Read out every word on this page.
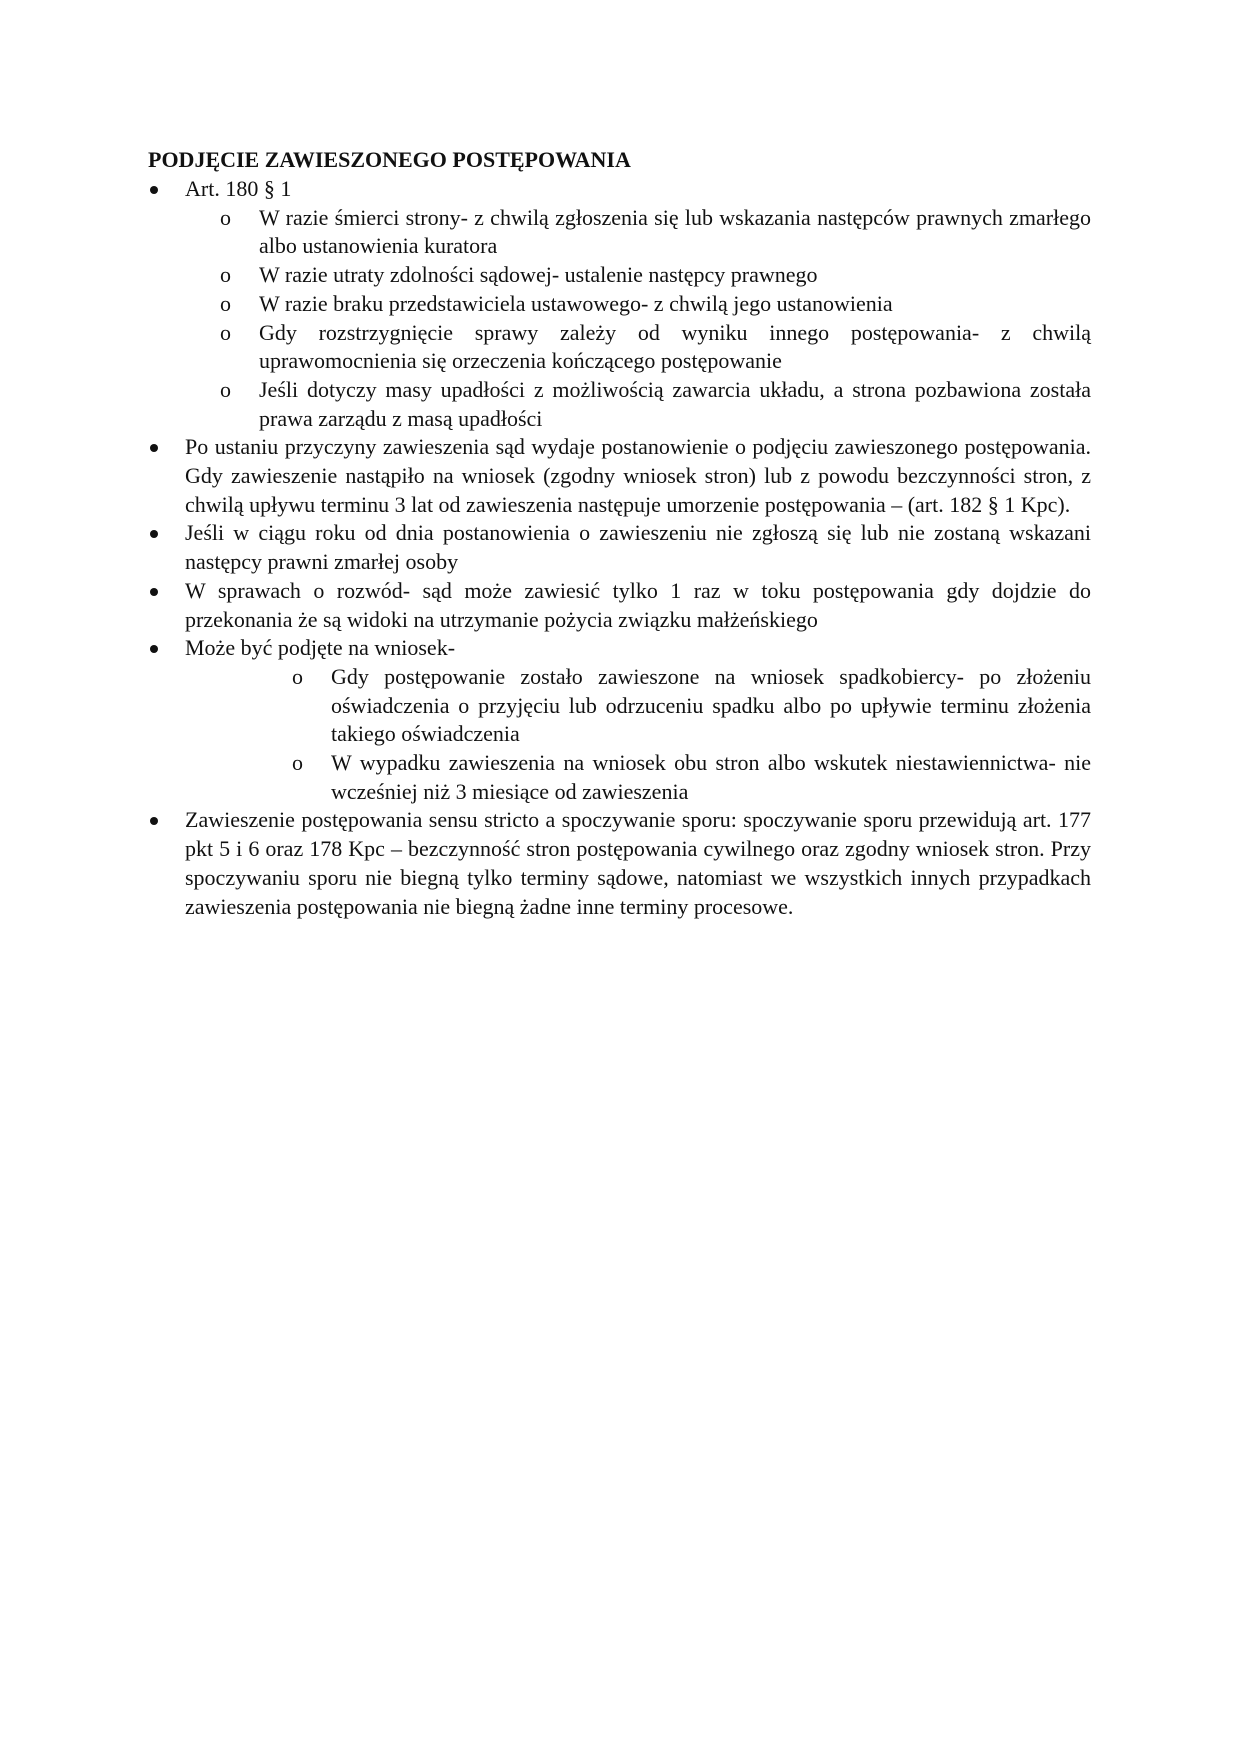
PODJĘCIE ZAWIESZONEGO POSTĘPOWANIA
Art. 180 § 1
o W razie śmierci strony- z chwilą zgłoszenia się lub wskazania następców prawnych zmarłego albo ustanowienia kuratora
o W razie utraty zdolności sądowej- ustalenie następcy prawnego
o W razie braku przedstawiciela ustawowego- z chwilą jego ustanowienia
o Gdy rozstrzygnięcie sprawy zależy od wyniku innego postępowania- z chwilą uprawomocnienia się orzeczenia kończącego postępowanie
o Jeśli dotyczy masy upadłości z możliwością zawarcia układu, a strona pozbawiona została prawa zarządu z masą upadłości
Po ustaniu przyczyny zawieszenia sąd wydaje postanowienie o podjęciu zawieszonego postępowania. Gdy zawieszenie nastąpiło na wniosek (zgodny wniosek stron) lub z powodu bezczynności stron, z chwilą upływu terminu 3 lat od zawieszenia następuje umorzenie postępowania – (art. 182 § 1 Kpc).
Jeśli w ciągu roku od dnia postanowienia o zawieszeniu nie zgłoszą się lub nie zostaną wskazani następcy prawni zmarłej osoby
W sprawach o rozwód- sąd może zawiesić tylko 1 raz w toku postępowania gdy dojdzie do przekonania że są widoki na utrzymanie pożycia związku małżeńskiego
Może być podjęte na wniosek-
o Gdy postępowanie zostało zawieszone na wniosek spadkobiercy- po złożeniu oświadczenia o przyjęciu lub odrzuceniu spadku albo po upływie terminu złożenia takiego oświadczenia
o W wypadku zawieszenia na wniosek obu stron albo wskutek niestawiennictwa- nie wcześniej niż 3 miesiące od zawieszenia
Zawieszenie postępowania sensu stricto a spoczywanie sporu: spoczywanie sporu przewidują art. 177 pkt 5 i 6 oraz 178 Kpc – bezczynność stron postępowania cywilnego oraz zgodny wniosek stron. Przy spoczywaniu sporu nie biegną tylko terminy sądowe, natomiast we wszystkich innych przypadkach zawieszenia postępowania nie biegną żadne inne terminy procesowe.
